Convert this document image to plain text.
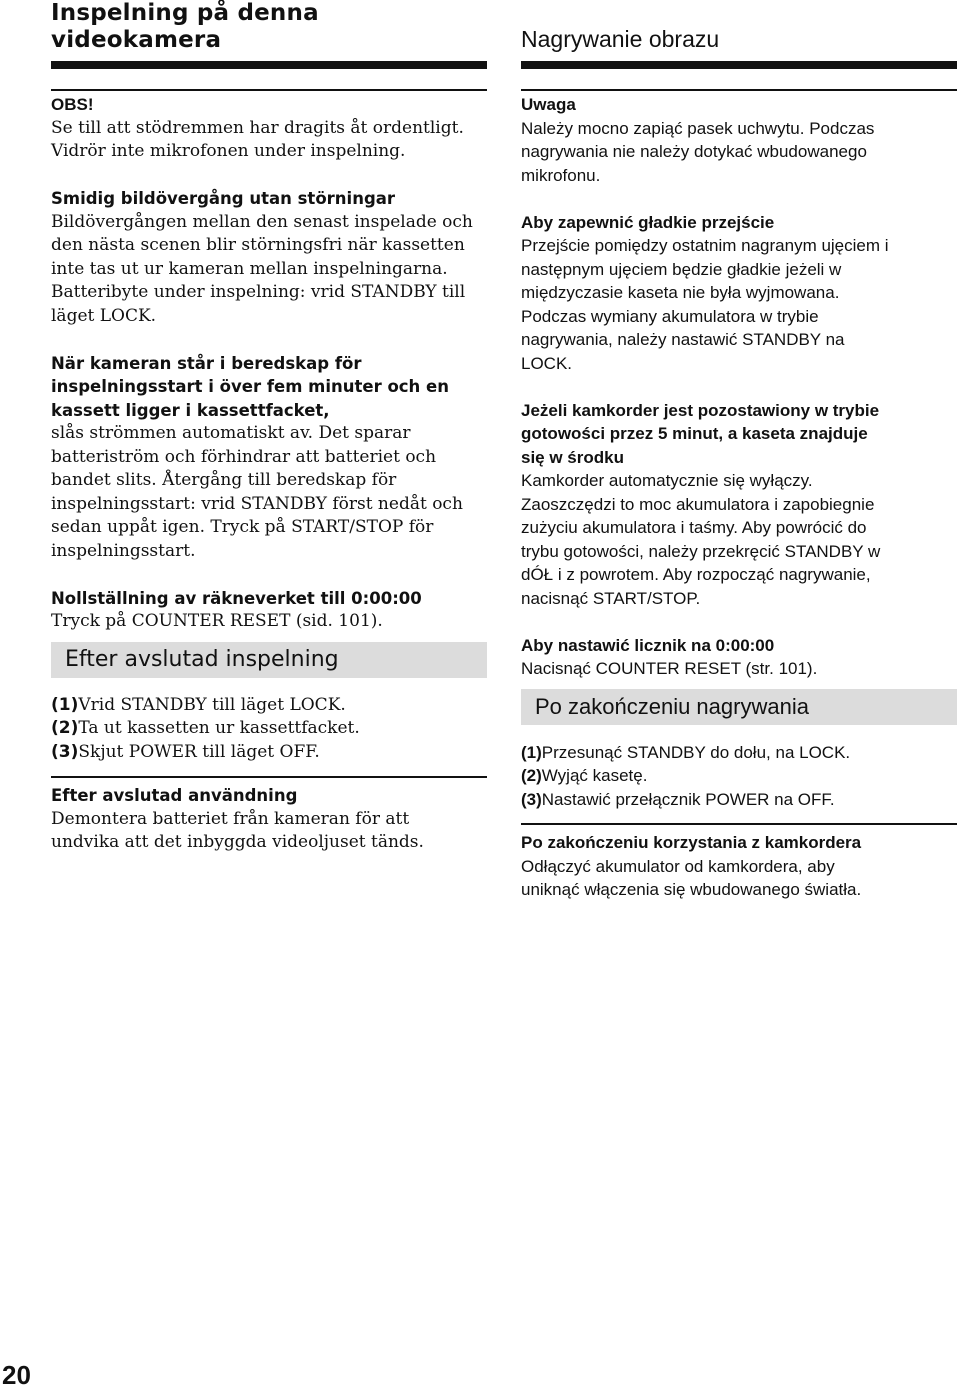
Inspelning på denna
videokamera

OBS!

Se till att stödremmen har dragits åt ordentligt.

Vidrör inte mikrofonen under inspelning.

Smidig bildövergång utan störningar

Bildövergången mellan den senast inspelade och

den nästa scenen blir störningsfri när kassetten

inte tas ut ur kameran mellan inspelningarna.

Batteribyte under inspelning: vrid STANDBY till

läget LOCK.

När kameran står i beredskap för

inspelningsstart i över fem minuter och en

kassett ligger i kassettfacket,

slås strömmen automatiskt av. Det sparar

batteriström och förhindrar att batteriet och

bandet slits. Återgång till beredskap för

inspelningsstart: vrid STANDBY först nedåt och

sedan uppåt igen. Tryck på START/STOP för

inspelningsstart.

Nollställning av räkneverket till 0:00:00

Tryck på COUNTER RESET (sid. 101).

Efter avslutad inspelning
(1) Vrid STANDBY till läget LOCK.
(2) Ta ut kassetten ur kassettfacket.
(3) Skjut POWER till läget OFF.

Efter avslutad användning

Demontera batteriet från kameran för att

undvika att det inbyggda videoljuset tänds.

Nagrywanie obrazu

Uwaga

Należy mocno zapiąć pasek uchwytu. Podczas

nagrywania nie należy dotykać wbudowanego

mikrofonu.

Aby zapewnić gładkie przejście

Przejście pomiędzy ostatnim nagranym ujęciem i

następnym ujęciem będzie gładkie jeżeli w

międzyczasie kaseta nie była wyjmowana.

Podczas wymiany akumulatora w trybie

nagrywania, należy nastawić STANDBY na

LOCK.

Jeżeli kamkorder jest pozostawiony w trybie

gotowości przez 5 minut, a kaseta znajduje

się w środku

Kamkorder automatycznie się wyłączy.

Zaoszczędzi to moc akumulatora i zapobiegnie

zużyciu akumulatora i taśmy. Aby powrócić do

trybu gotowości, należy przekręcić STANDBY w

dÓŁ i z powrotem. Aby rozpocząć nagrywanie,

nacisnąć START/STOP.

Aby nastawić licznik na 0:00:00

Nacisnąć COUNTER RESET (str. 101).

Po zakończeniu nagrywania
(1) Przesunąć STANDBY do dołu, na LOCK.
(2) Wyjąć kasetę.
(3) Nastawić przełącznik POWER na OFF.

Po zakończeniu korzystania z kamkordera

Odłączyć akumulator od kamkordera, aby

uniknąć włączenia się wbudowanego światła.

20
